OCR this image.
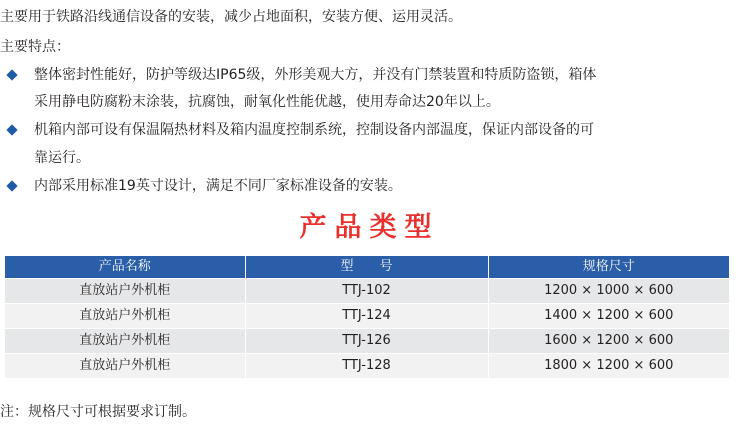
主要用于铁路沿线通信设备的安装，减少占地面积，安装方便、运用灵活。
主要特点：
整体密封性能好，防护等级达IP65级，外形美观大方，并没有门禁装置和特质防盗锁，箱体
采用静电防腐粉末涂装，抗腐蚀，耐氧化性能优越，使用寿命达20年以上。
机箱内部可设有保温隔热材料及箱内温度控制系统，控制设备内部温度，保证内部设备的可
靠运行。
内部采用标准19英寸设计，满足不同厂家标准设备的安装。
产品类型
产品名称	型　　号	规格尺寸
直放站户外机柜	TTJ-102	1200 × 1000 × 600
直放站户外机柜	TTJ-124	1400 × 1200 × 600
直放站户外机柜	TTJ-126	1600 × 1200 × 600
直放站户外机柜	TTJ-128	1800 × 1200 × 600
注：规格尺寸可根据要求订制。
